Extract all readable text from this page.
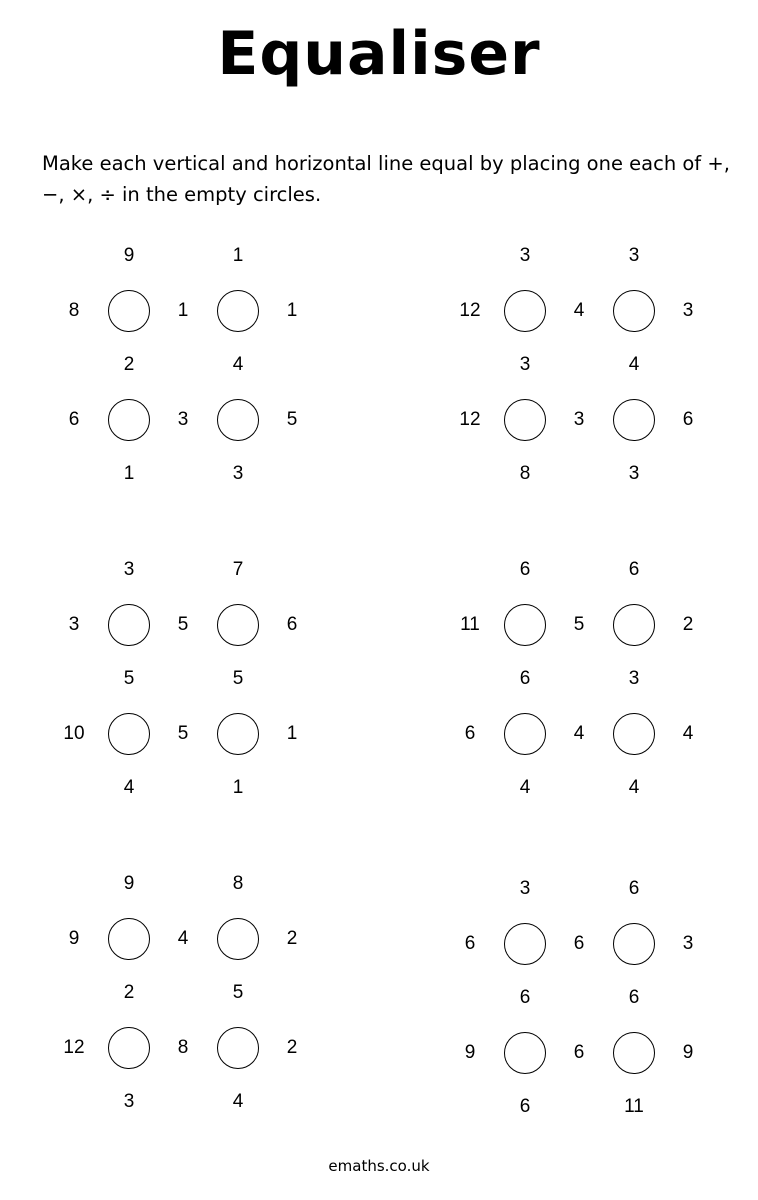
Equaliser
Make each vertical and horizontal line equal by placing one each of +, −, ×, ÷ in the empty circles.
9	1
8	1	1
2	4
6	3	5
1	3
3	3
12	4	3
3	4
12	3	6
8	3
3	7
3	5	6
5	5
10	5	1
4	1
6	6
11	5	2
6	3
6	4	4
4	4
9	8
9	4	2
2	5
12	8	2
3	4
3	6
6	6	3
6	6
9	6	9
6	11
emaths.co.uk
